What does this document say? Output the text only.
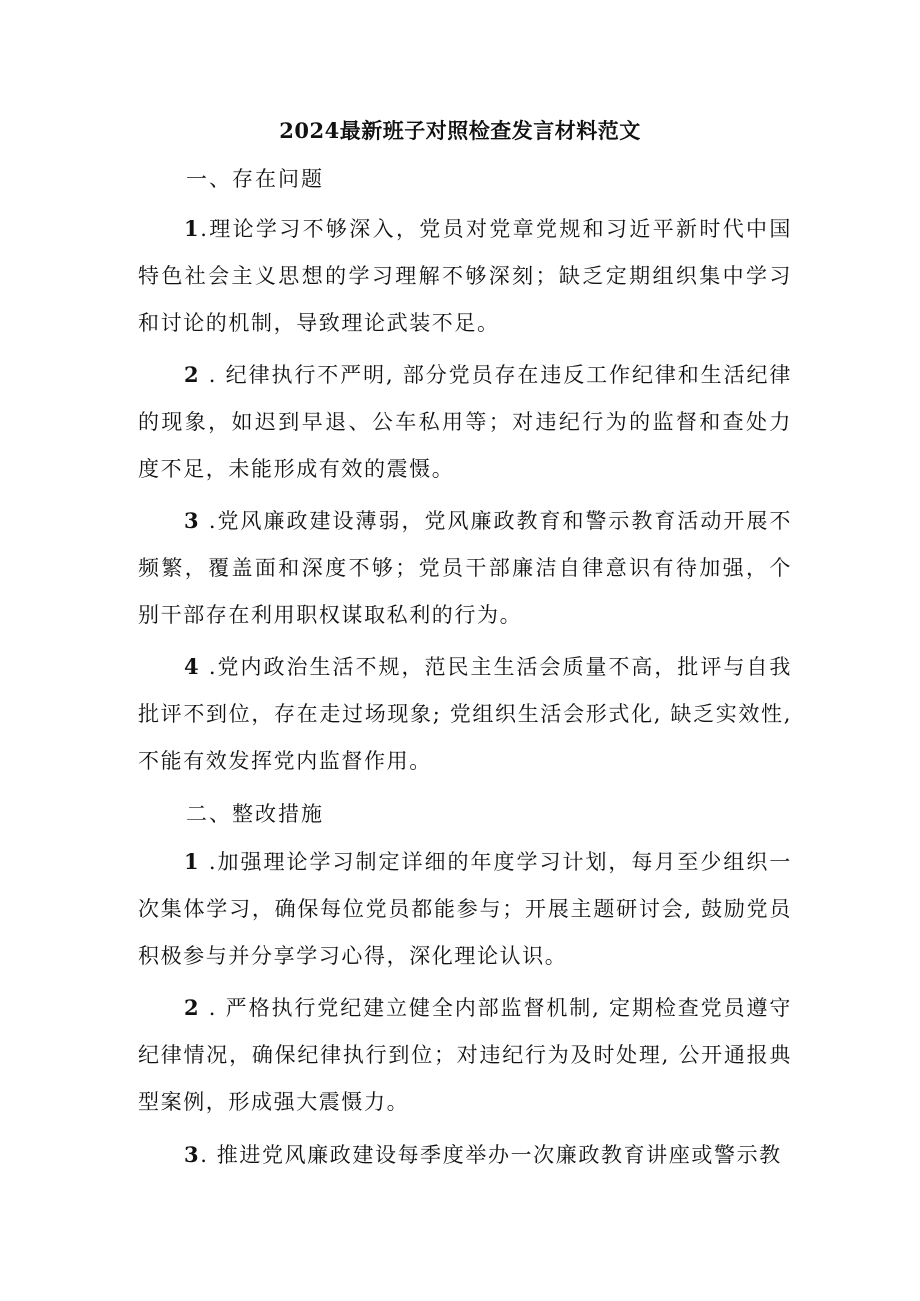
2024最新班子对照检查发言材料范文
一、存在问题

1.理论学习不够深入，党员对党章党规和习近平新时代中国特色社会主义思想的学习理解不够深刻；缺乏定期组织集中学习和讨论的机制，导致理论武装不足。

2 . 纪律执行不严明, 部分党员存在违反工作纪律和生活纪律的现象，如迟到早退、公车私用等；对违纪行为的监督和查处力度不足，未能形成有效的震慑。

3 .党风廉政建设薄弱，党风廉政教育和警示教育活动开展不频繁，覆盖面和深度不够；党员干部廉洁自律意识有待加强，个别干部存在利用职权谋取私利的行为。

4 .党内政治生活不规，范民主生活会质量不高，批评与自我批评不到位，存在走过场现象; 党组织生活会形式化, 缺乏实效性, 不能有效发挥党内监督作用。

二、整改措施

1 .加强理论学习制定详细的年度学习计划，每月至少组织一次集体学习，确保每位党员都能参与；开展主题研讨会, 鼓励党员积极参与并分享学习心得，深化理论认识。

2 . 严格执行党纪建立健全内部监督机制, 定期检查党员遵守纪律情况，确保纪律执行到位；对违纪行为及时处理, 公开通报典型案例，形成强大震慑力。

3. 推进党风廉政建设每季度举办一次廉政教育讲座或警示教
